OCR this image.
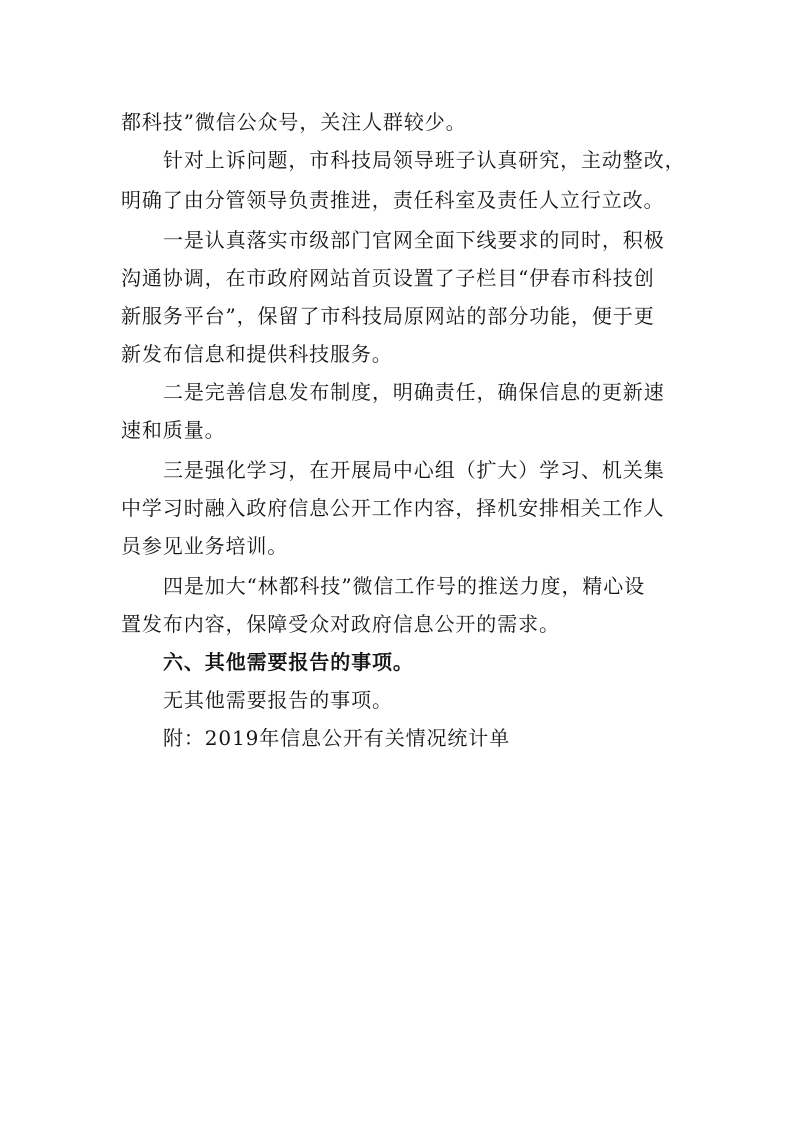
都科技”微信公众号，关注人群较少。
针对上诉问题，市科技局领导班子认真研究，主动整改，
明确了由分管领导负责推进，责任科室及责任人立行立改。
一是认真落实市级部门官网全面下线要求的同时，积极
沟通协调，在市政府网站首页设置了子栏目“伊春市科技创
新服务平台”，保留了市科技局原网站的部分功能，便于更
新发布信息和提供科技服务。
二是完善信息发布制度，明确责任，确保信息的更新速
速和质量。
三是强化学习，在开展局中心组（扩大）学习、机关集
中学习时融入政府信息公开工作内容，择机安排相关工作人
员参见业务培训。
四是加大“林都科技”微信工作号的推送力度，精心设
置发布内容，保障受众对政府信息公开的需求。
六、其他需要报告的事项。
无其他需要报告的事项。
附：2019年信息公开有关情况统计单
